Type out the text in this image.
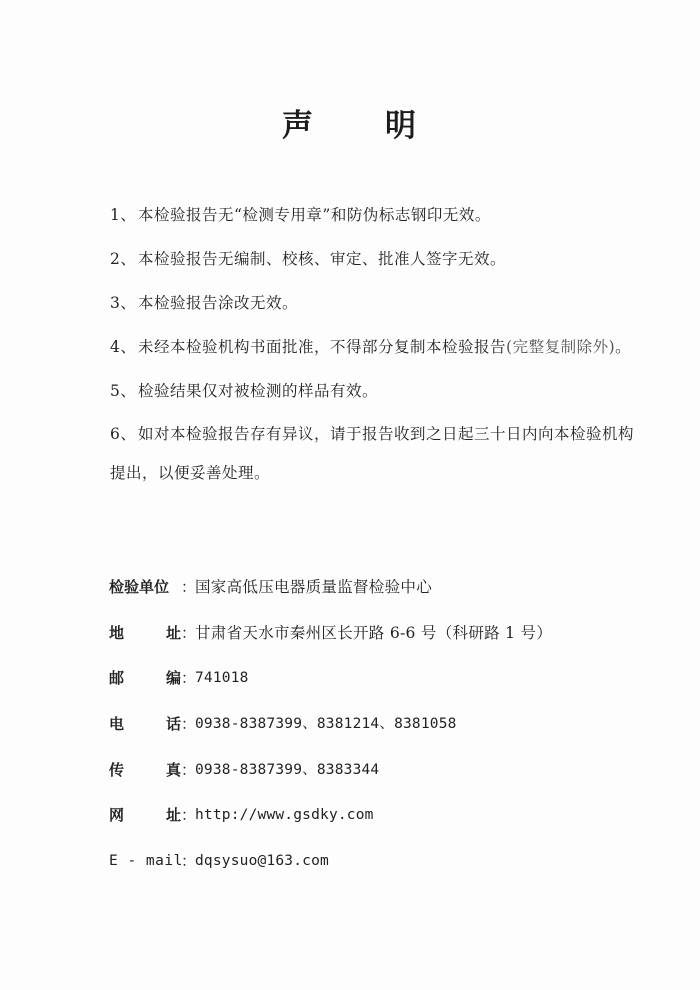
声 明
1、 本检验报告无“检测专用章”和防伪标志钢印无效。
2、 本检验报告无编制、校核、审定、批准人签字无效。
3、 本检验报告涂改无效。
4、 未经本检验机构书面批准，不得部分复制本检验报告(完整复制除外)。
5、 检验结果仅对被检测的样品有效。
6、 如对本检验报告存有异议，请于报告收到之日起三十日内向本检验机构提出，以便妥善处理。
检验单位 ：
国家高低压电器质量监督检验中心
地	址 ：
甘肃省天水市秦州区长开路 6-6 号（科研路 1 号）
邮	编 ：
741018
电	话 ：
0938-8387399、8381214、8381058
传	真 ：
0938-8387399、8383344
网	址 ：
http://www.gsdky.com
E - mail
：
dqsysuo@163.com
